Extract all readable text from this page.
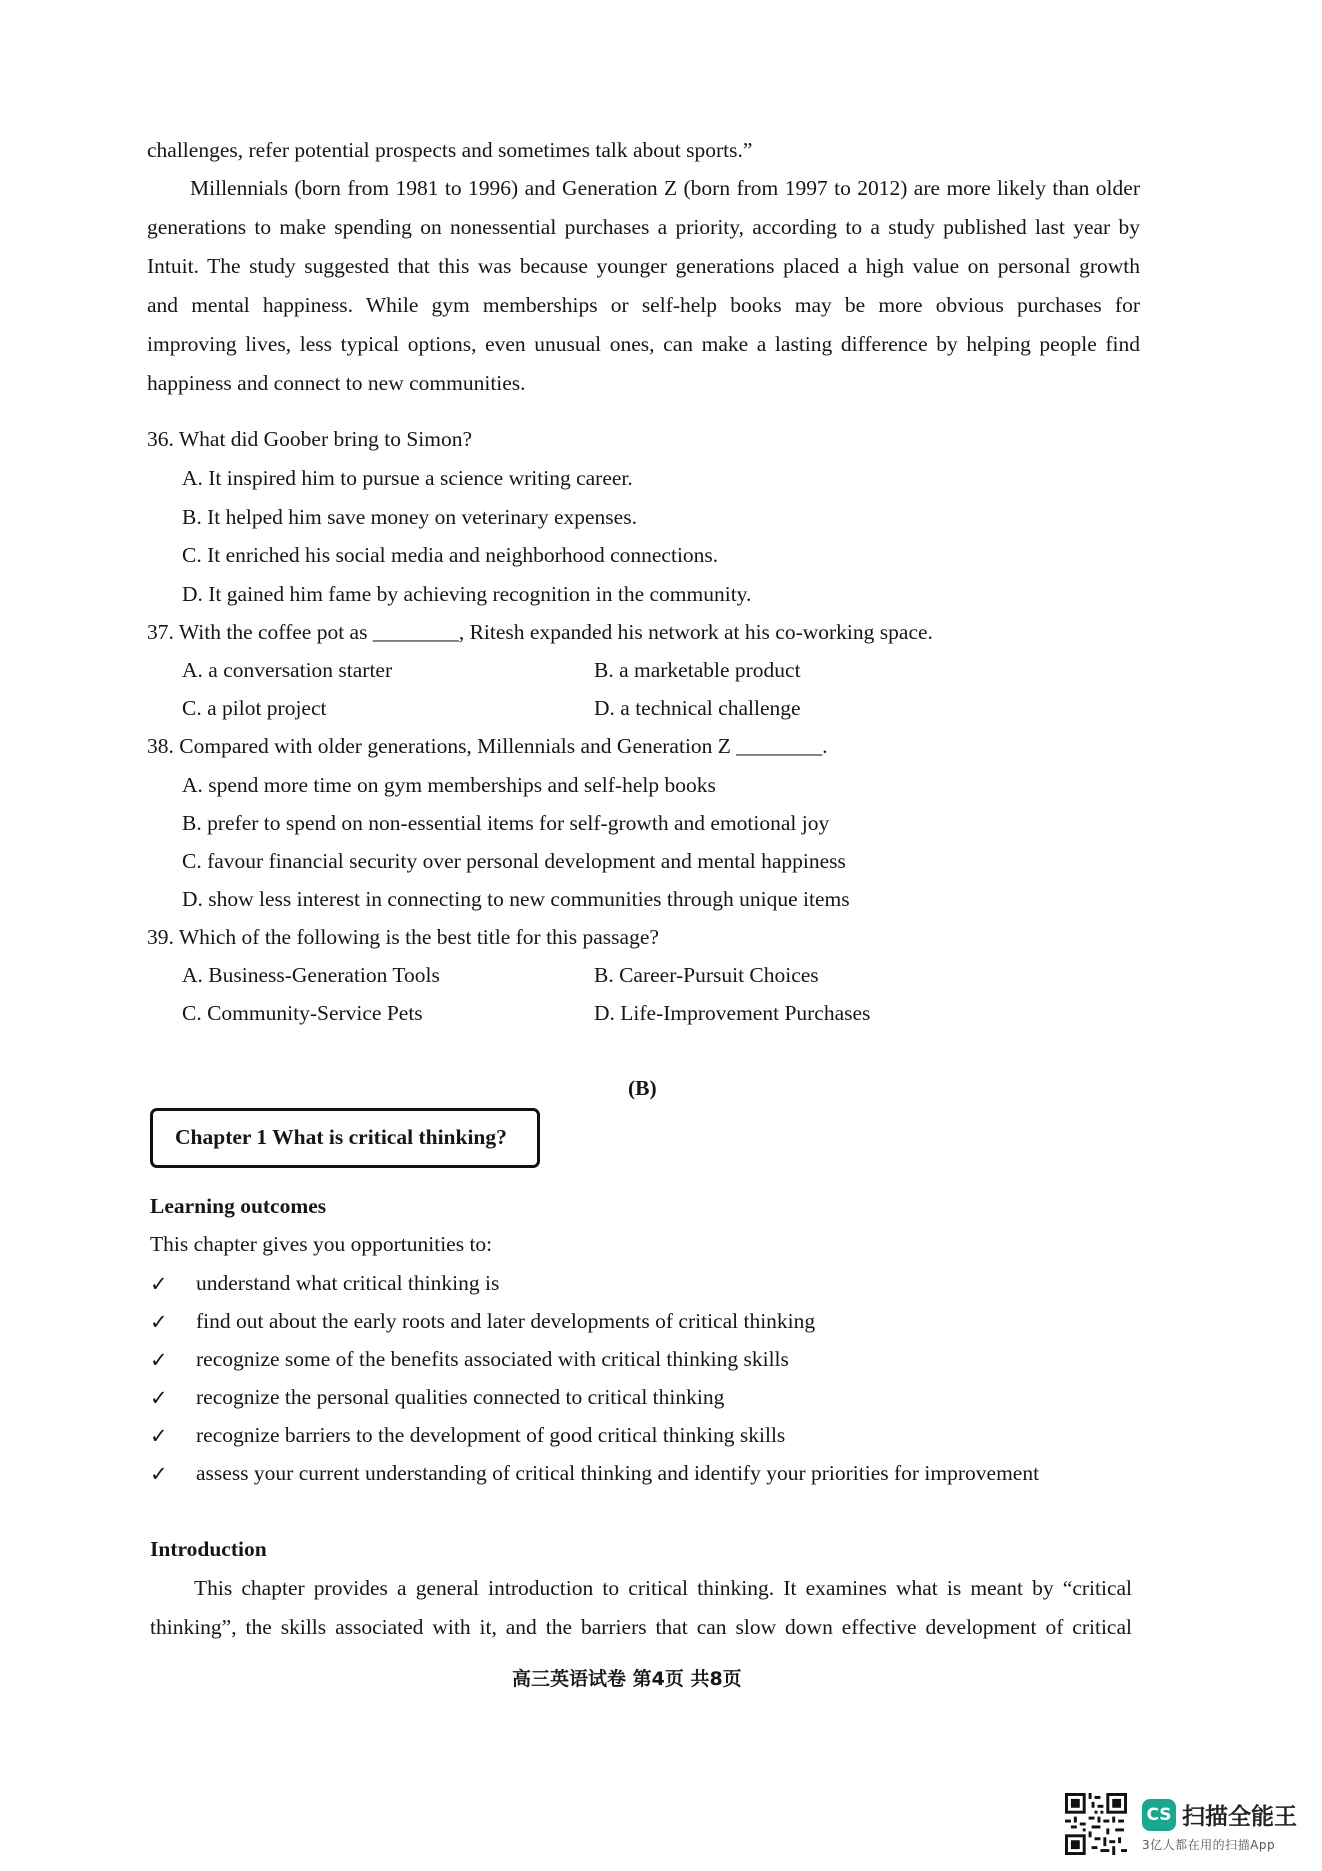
challenges, refer potential prospects and sometimes talk about sports.”
Millennials (born from 1981 to 1996) and Generation Z (born from 1997 to 2012) are more likely than older
generations to make spending on nonessential purchases a priority, according to a study published last year by
Intuit. The study suggested that this was because younger generations placed a high value on personal growth
and mental happiness. While gym memberships or self-help books may be more obvious purchases for
improving lives, less typical options, even unusual ones, can make a lasting difference by helping people find
happiness and connect to new communities.
36. What did Goober bring to Simon?
A. It inspired him to pursue a science writing career.
B. It helped him save money on veterinary expenses.
C. It enriched his social media and neighborhood connections.
D. It gained him fame by achieving recognition in the community.
37. With the coffee pot as ________, Ritesh expanded his network at his co-working space.
A. a conversation starter	B. a marketable product
C. a pilot project	D. a technical challenge
38. Compared with older generations, Millennials and Generation Z ________.
A. spend more time on gym memberships and self-help books
B. prefer to spend on non-essential items for self-growth and emotional joy
C. favour financial security over personal development and mental happiness
D. show less interest in connecting to new communities through unique items
39. Which of the following is the best title for this passage?
A. Business-Generation Tools	B. Career-Pursuit Choices
C. Community-Service Pets	D. Life-Improvement Purchases
(B)
Chapter 1 What is critical thinking?
Learning outcomes
This chapter gives you opportunities to:
✓ understand what critical thinking is
✓ find out about the early roots and later developments of critical thinking
✓ recognize some of the benefits associated with critical thinking skills
✓ recognize the personal qualities connected to critical thinking
✓ recognize barriers to the development of good critical thinking skills
✓ assess your current understanding of critical thinking and identify your priorities for improvement
Introduction
This chapter provides a general introduction to critical thinking. It examines what is meant by “critical
thinking”, the skills associated with it, and the barriers that can slow down effective development of critical
高三英语试卷 第4页 共8页
CS 扫描全能王
3亿人都在用的扫描App
